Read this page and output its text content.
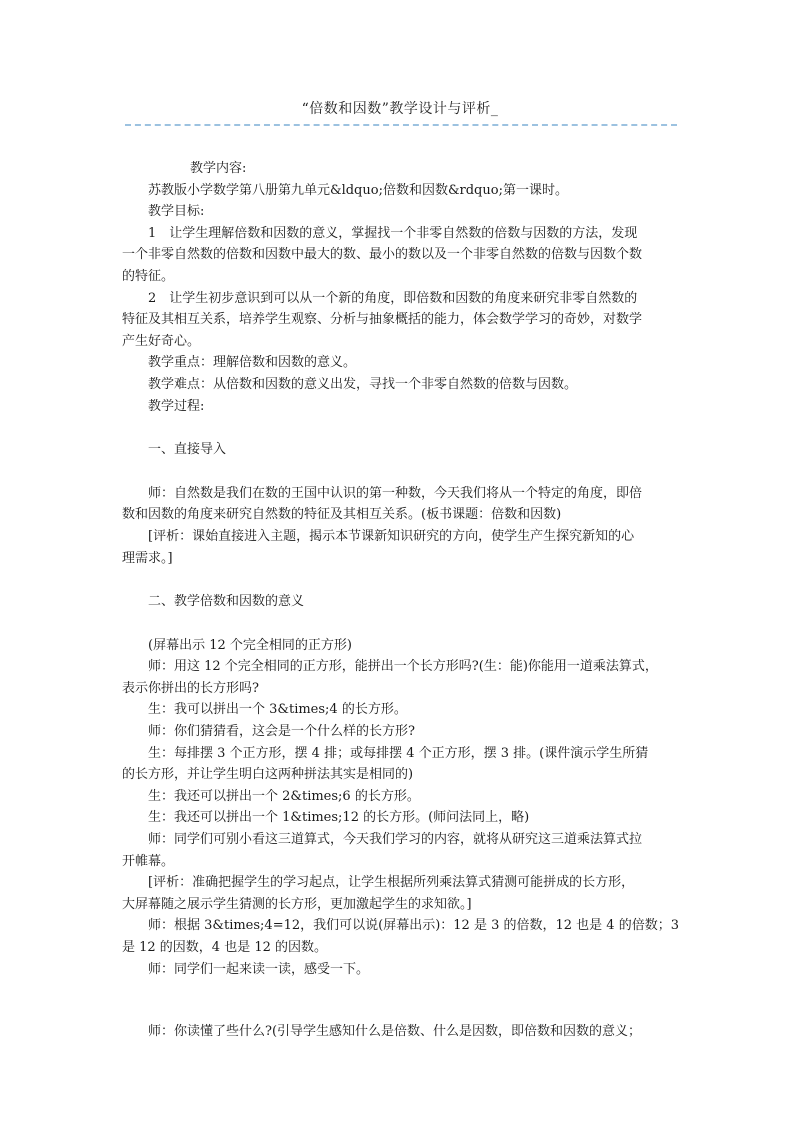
“倍数和因数”教学设计与评析_
教学内容:
苏教版小学数学第八册第九单元&ldquo;倍数和因数&rdquo;第一课时。
教学目标:
1　让学生理解倍数和因数的意义，掌握找一个非零自然数的倍数与因数的方法，发现
一个非零自然数的倍数和因数中最大的数、最小的数以及一个非零自然数的倍数与因数个数
的特征。
2　让学生初步意识到可以从一个新的角度，即倍数和因数的角度来研究非零自然数的
特征及其相互关系，培养学生观察、分析与抽象概括的能力，体会数学学习的奇妙，对数学
产生好奇心。
教学重点：理解倍数和因数的意义。
教学难点：从倍数和因数的意义出发，寻找一个非零自然数的倍数与因数。
教学过程:
一、直接导入
师：自然数是我们在数的王国中认识的第一种数，今天我们将从一个特定的角度，即倍
数和因数的角度来研究自然数的特征及其相互关系。(板书课题：倍数和因数)
[评析：课始直接进入主题，揭示本节课新知识研究的方向，使学生产生探究新知的心
理需求。]
二、教学倍数和因数的意义
(屏幕出示 12 个完全相同的正方形)
师：用这 12 个完全相同的正方形，能拼出一个长方形吗?(生：能)你能用一道乘法算式，
表示你拼出的长方形吗?
生：我可以拼出一个 3&times;4 的长方形。
师：你们猜猜看，这会是一个什么样的长方形?
生：每排摆 3 个正方形，摆 4 排；或每排摆 4 个正方形，摆 3 排。(课件演示学生所猜
的长方形，并让学生明白这两种拼法其实是相同的)
生：我还可以拼出一个 2&times;6 的长方形。
生：我还可以拼出一个 1&times;12 的长方形。(师问法同上，略)
师：同学们可别小看这三道算式，今天我们学习的内容，就将从研究这三道乘法算式拉
开帷幕。
[评析：准确把握学生的学习起点，让学生根据所列乘法算式猜测可能拼成的长方形，
大屏幕随之展示学生猜测的长方形，更加激起学生的求知欲。]
师：根据 3&times;4=12，我们可以说(屏幕出示)：12 是 3 的倍数，12 也是 4 的倍数；3
是 12 的因数，4 也是 12 的因数。
师：同学们一起来读一读，感受一下。
师：你读懂了些什么?(引导学生感知什么是倍数、什么是因数，即倍数和因数的意义；
